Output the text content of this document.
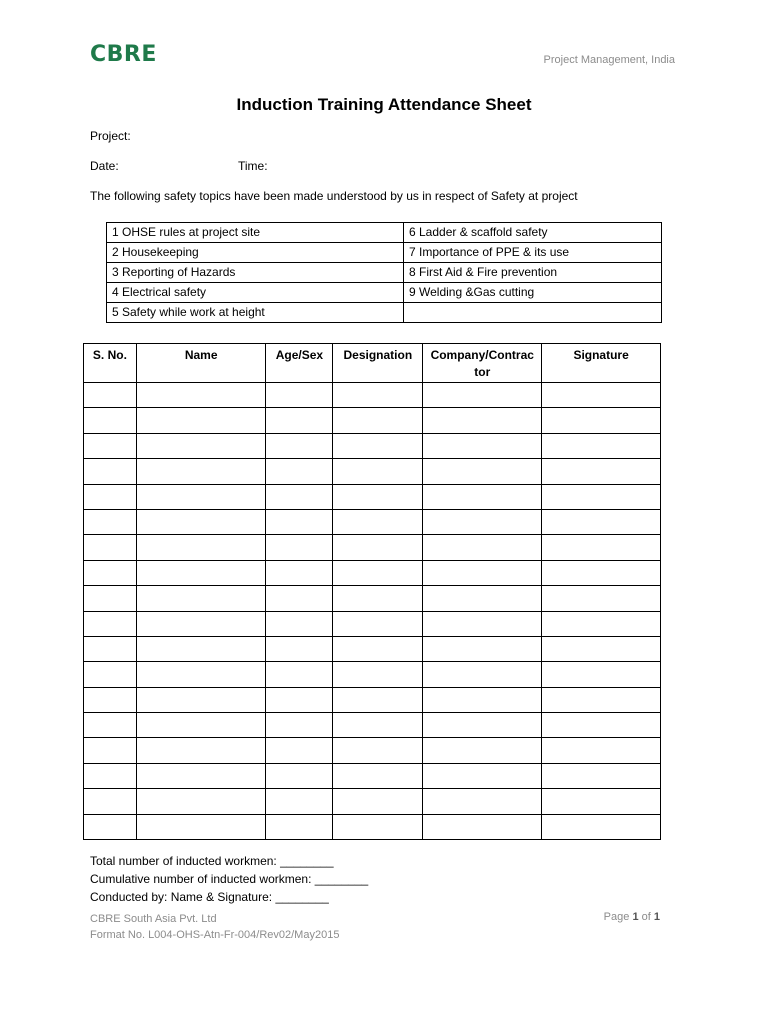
CBRE	Project Management, India
Induction Training Attendance Sheet
Project:
Date:	Time:
The following safety topics have been made understood by us in respect of Safety at project
1 OHSE rules at project site	6 Ladder & scaffold safety
2 Housekeeping	7 Importance of PPE & its use
3 Reporting of Hazards	8 First Aid & Fire prevention
4 Electrical safety	9 Welding &Gas cutting
5 Safety while work at height	
S. No.	Name	Age/Sex	Designation	Company/Contrac tor	Signature

Total number of inducted workmen: ________
Cumulative number of inducted workmen: ________
Conducted by: Name & Signature: ________
CBRE South Asia Pvt. Ltd
Format No. L004-OHS-Atn-Fr-004/Rev02/May2015
Page 1 of 1
